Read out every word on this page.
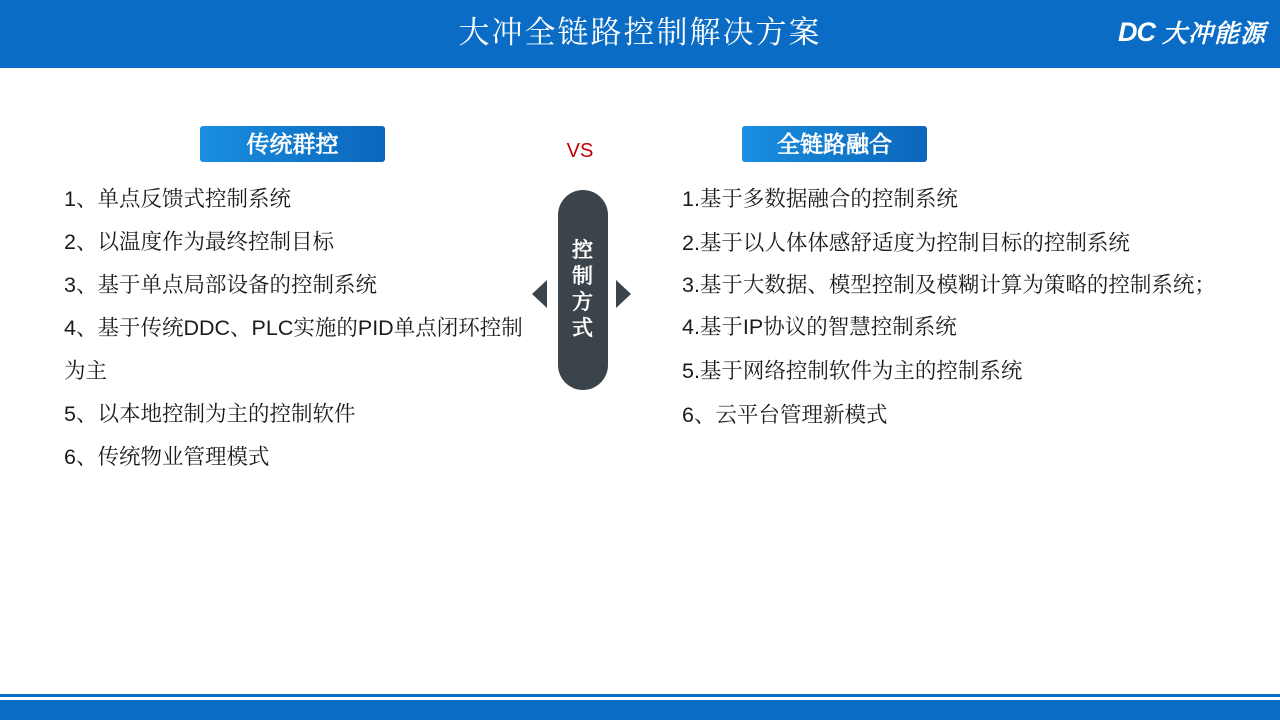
大冲全链路控制解决方案	DC 大冲能源
传统群控	全链路融合
VS
控
制
方
式
1、单点反馈式控制系统
2、以温度作为最终控制目标
3、基于单点局部设备的控制系统
4、基于传统DDC、PLC实施的PID单点闭环控制为主
5、以本地控制为主的控制软件
6、传统物业管理模式
1.基于多数据融合的控制系统
2.基于以人体体感舒适度为控制目标的控制系统
3.基于大数据、模型控制及模糊计算为策略的控制系统；
4.基于IP协议的智慧控制系统
5.基于网络控制软件为主的控制系统
6、云平台管理新模式
